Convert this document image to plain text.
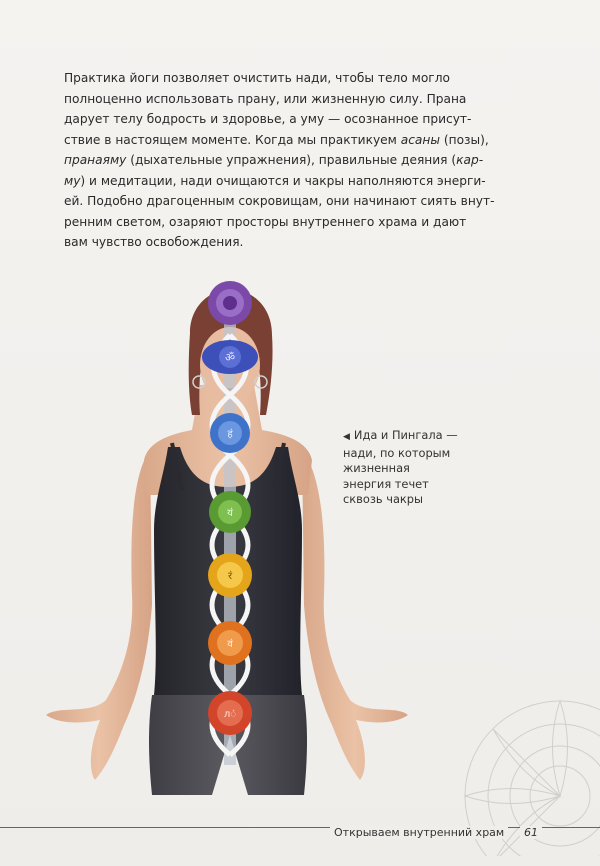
Практика йоги позволяет очистить нади, чтобы тело могло

полноценно использовать прану, или жизненную силу. Прана

дарует телу бодрость и здоровье, а уму — осознанное присут-

ствие в настоящем моменте. Когда мы практикуем асаны (позы),

пранаяму (дыхательные упражнения), правильные деяния (кар-

му) и медитации, нади очищаются и чакры наполняются энерги-

ей. Подобно драгоценным сокровищам, они начинают сиять внут-

ренним светом, озаряют просторы внутреннего храма и дают

вам чувство освобождения.

ॐ
हं
यं
रं
वं
лं
◀ Ида и Пингала —
нади, по которым
жизненная
энергия течет
сквозь чакры
Открываем внутренний храм	61
